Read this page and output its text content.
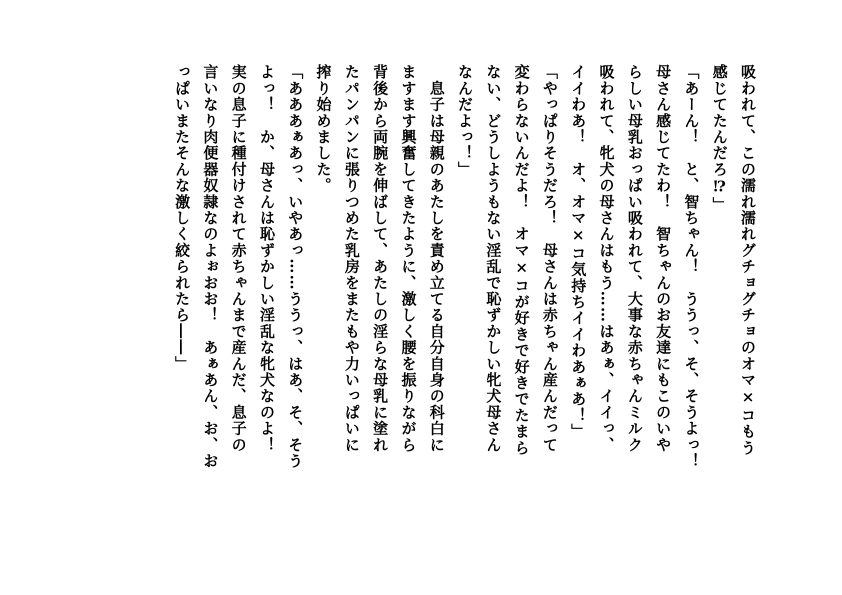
吸われて、この濡れ濡れグチョグチョのオマ×コもう
感じてたんだろ⁉」
「あーん！　と、智ちゃん！　ううっ、そ、そうよっ！
母さん感じてたわ！　智ちゃんのお友達にもこのいや
らしい母乳おっぱい吸われて、大事な赤ちゃんミルク
吸われて、牝犬の母さんはもう……はあぁ、イイっ、
イイわあ！　オ、オマ×コ気持ちイイわあぁあ！」
「やっぱりそうだろ！　母さんは赤ちゃん産んだって
変わらないんだよ！　オマ×コが好きで好きでたまら
ない、どうしようもない淫乱で恥ずかしい牝犬母さん
なんだよっ！」
　息子は母親のあたしを責め立てる自分自身の科白に
ますます興奮してきたように、激しく腰を振りながら
背後から両腕を伸ばして、あたしの淫らな母乳に塗れ
たパンパンに張りつめた乳房をまたもや力いっぱいに
搾り始めました。
「あああぁあっ、いやあっ……ううっ、はあ、そ、そう
よっ！　か、母さんは恥ずかしい淫乱な牝犬なのよ！
実の息子に種付けされて赤ちゃんまで産んだ、息子の
言いなり肉便器奴隷なのよぉおお！　あぁあん、お、お
っぱいまたそんな激しく絞られたら――」
